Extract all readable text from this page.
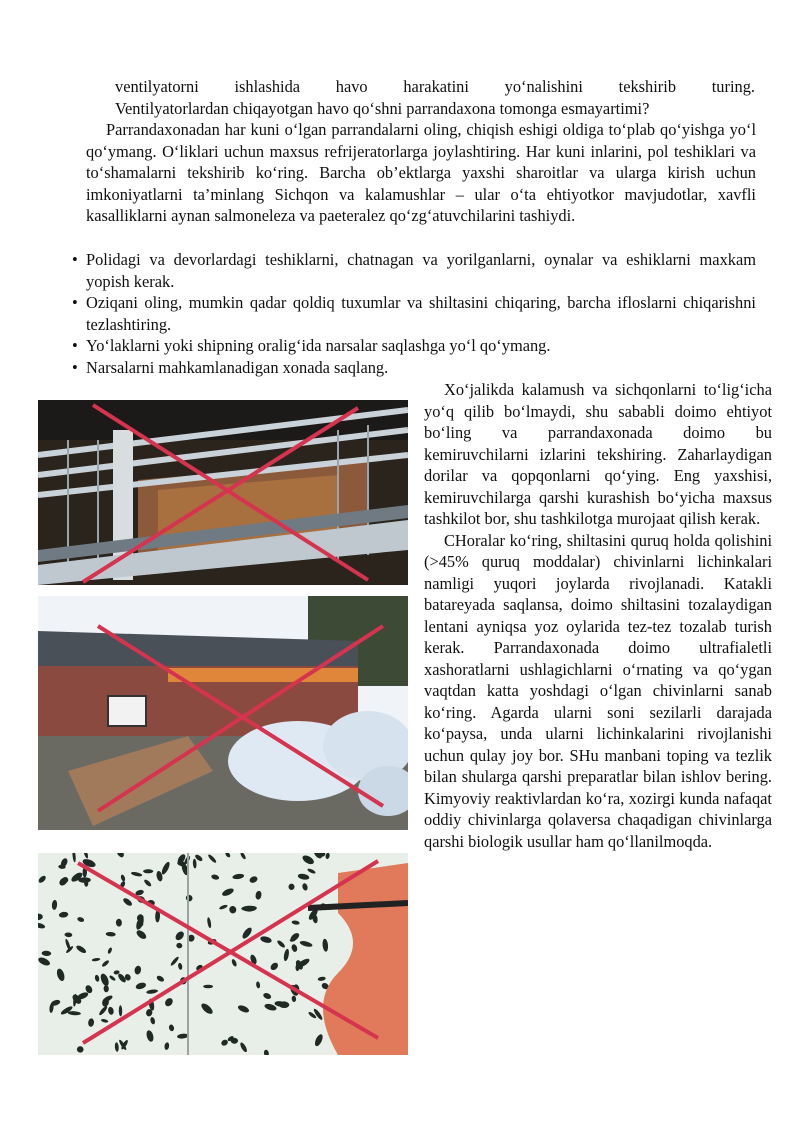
ventilyatorni ishlashida havo harakatini yo‘nalishini tekshirib turing.

Ventilyatorlardan chiqayotgan havo qo‘shni parrandaxona tomonga esmayartimi?

Parrandaxonadan har kuni o‘lgan parrandalarni oling, chiqish eshigi oldiga to‘plab qo‘yishga yo‘l qo‘ymang. O‘liklari uchun maxsus refrijeratorlarga joylashtiring. Har kuni inlarini, pol teshiklari va to‘shamalarni tekshirib ko‘ring. Barcha ob’ektlarga yaxshi sharoitlar va ularga kirish uchun imkoniyatlarni ta’minlang Sichqon va kalamushlar – ular o‘ta ehtiyotkor mavjudotlar, xavfli kasalliklarni aynan salmoneleza va paeteralez qo‘zg‘atuvchilarini tashiydi.

• Polidagi va devorlardagi teshiklarni, chatnagan va yorilganlarni, oynalar va eshiklarni maxkam yopish kerak.
• Oziqani oling, mumkin qadar qoldiq tuxumlar va shiltasini chiqaring, barcha ifloslarni chiqarishni tezlashtiring.
• Yo‘laklarni yoki shipning oralig‘ida narsalar saqlashga yo‘l qo‘ymang.
• Narsalarni mahkamlanadigan xonada saqlang.

Xo‘jalikda kalamush va sichqonlarni to‘lig‘icha yo‘q qilib bo‘lmaydi, shu sababli doimo ehtiyot bo‘ling va parrandaxonada doimo bu kemiruvchilarni izlarini tekshiring. Zaharlaydigan dorilar va qopqonlarni qo‘ying. Eng yaxshisi, kemiruvchilarga qarshi kurashish bo‘yicha maxsus tashkilot bor, shu tashkilotga murojaat qilish kerak.

CHoralar ko‘ring, shiltasini quruq holda qolishini (>45% quruq moddalar) chivinlarni lichinkalari namligi yuqori joylarda rivojlanadi. Katakli batareyada saqlansa, doimo shiltasini tozalaydigan lentani ayniqsa yoz oylarida tez-tez tozalab turish kerak. Parrandaxonada doimo ultrafialetli xashoratlarni ushlagichlarni o‘rnating va qo‘ygan vaqtdan katta yoshdagi o‘lgan chivinlarni sanab ko‘ring. Agarda ularni soni sezilarli darajada ko‘paysa, unda ularni lichinkalarini rivojlanishi uchun qulay joy bor. SHu manbani toping va tezlik bilan shularga qarshi preparatlar bilan ishlov bering. Kimyoviy reaktivlardan ko‘ra, xozirgi kunda nafaqat oddiy chivinlarga qolaversa chaqadigan chivinlarga qarshi biologik usullar ham qo‘llanilmoqda.
